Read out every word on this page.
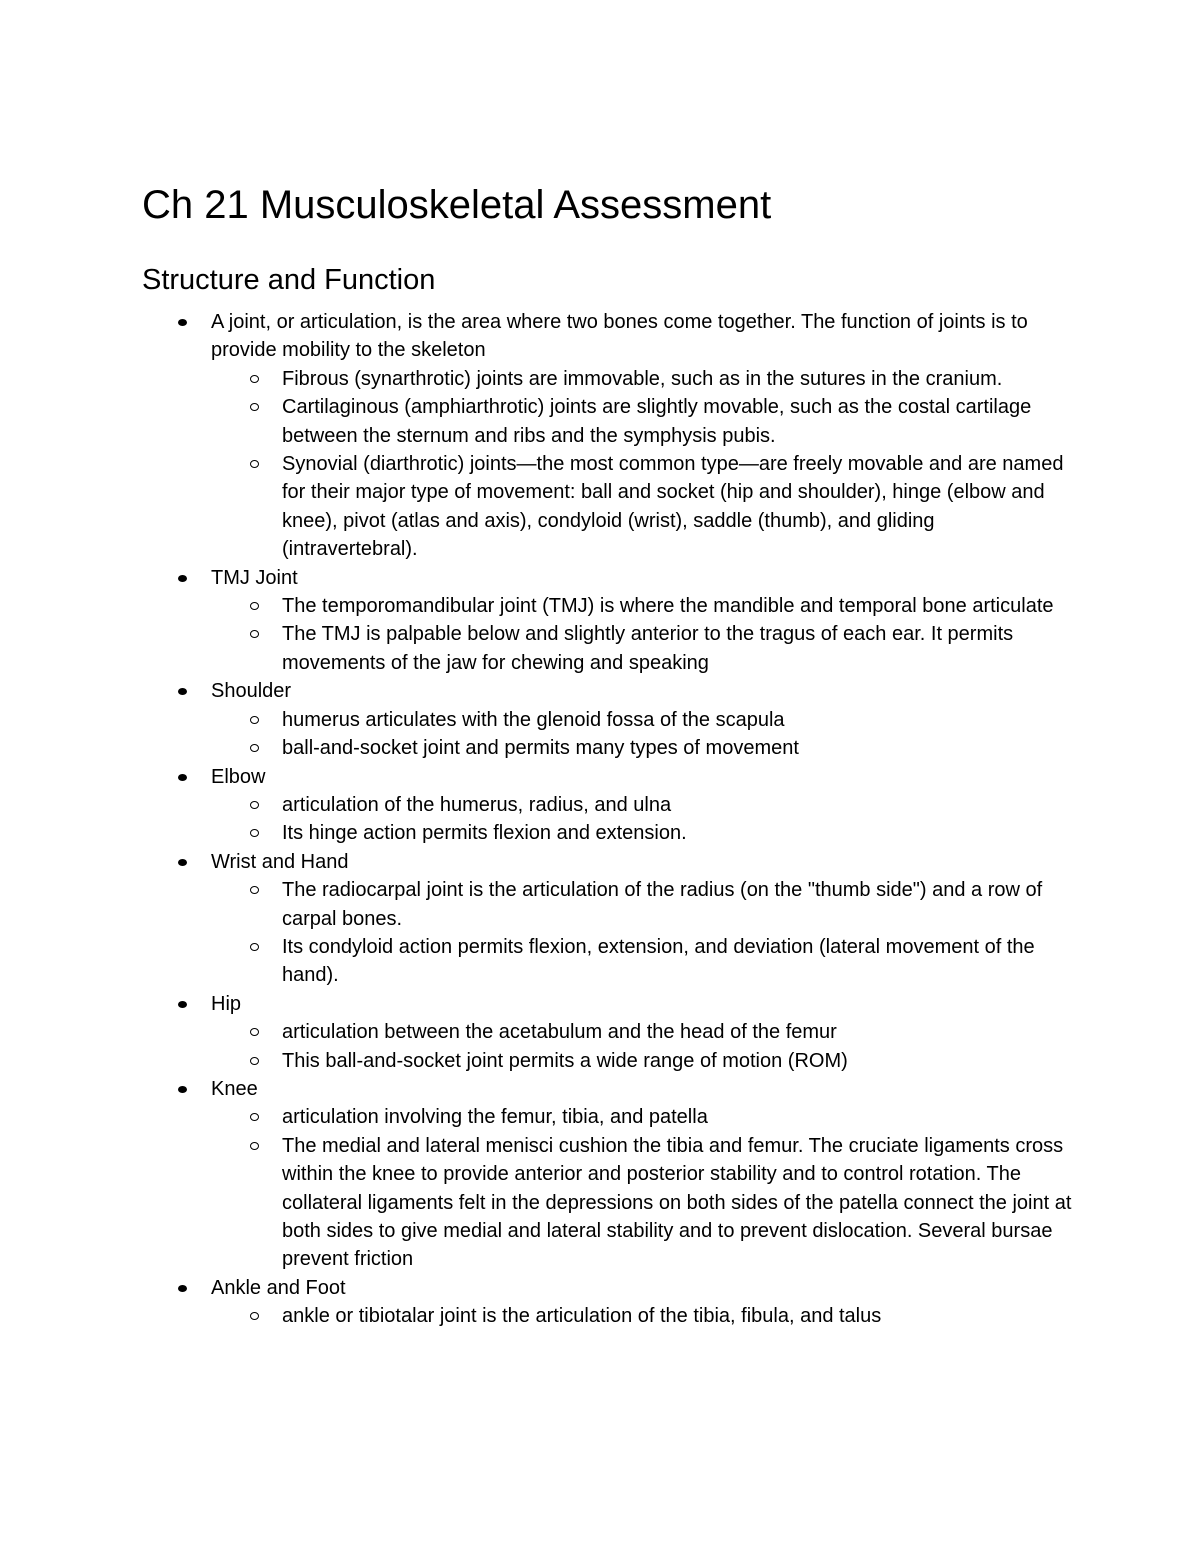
Ch 21 Musculoskeletal Assessment
Structure and Function
A joint, or articulation, is the area where two bones come together. The function of joints is to provide mobility to the skeleton
Fibrous (synarthrotic) joints are immovable, such as in the sutures in the cranium.
Cartilaginous (amphiarthrotic) joints are slightly movable, such as the costal cartilage between the sternum and ribs and the symphysis pubis.
Synovial (diarthrotic) joints—the most common type—are freely movable and are named for their major type of movement: ball and socket (hip and shoulder), hinge (elbow and knee), pivot (atlas and axis), condyloid (wrist), saddle (thumb), and gliding (intravertebral).
TMJ Joint
The temporomandibular joint (TMJ) is where the mandible and temporal bone articulate
The TMJ is palpable below and slightly anterior to the tragus of each ear. It permits movements of the jaw for chewing and speaking
Shoulder
humerus articulates with the glenoid fossa of the scapula
ball-and-socket joint and permits many types of movement
Elbow
articulation of the humerus, radius, and ulna
Its hinge action permits flexion and extension.
Wrist and Hand
The radiocarpal joint is the articulation of the radius (on the "thumb side") and a row of carpal bones.
Its condyloid action permits flexion, extension, and deviation (lateral movement of the hand).
Hip
articulation between the acetabulum and the head of the femur
This ball-and-socket joint permits a wide range of motion (ROM)
Knee
articulation involving the femur, tibia, and patella
The medial and lateral menisci cushion the tibia and femur. The cruciate ligaments cross within the knee to provide anterior and posterior stability and to control rotation. The collateral ligaments felt in the depressions on both sides of the patella connect the joint at both sides to give medial and lateral stability and to prevent dislocation. Several bursae prevent friction
Ankle and Foot
ankle or tibiotalar joint is the articulation of the tibia, fibula, and talus
